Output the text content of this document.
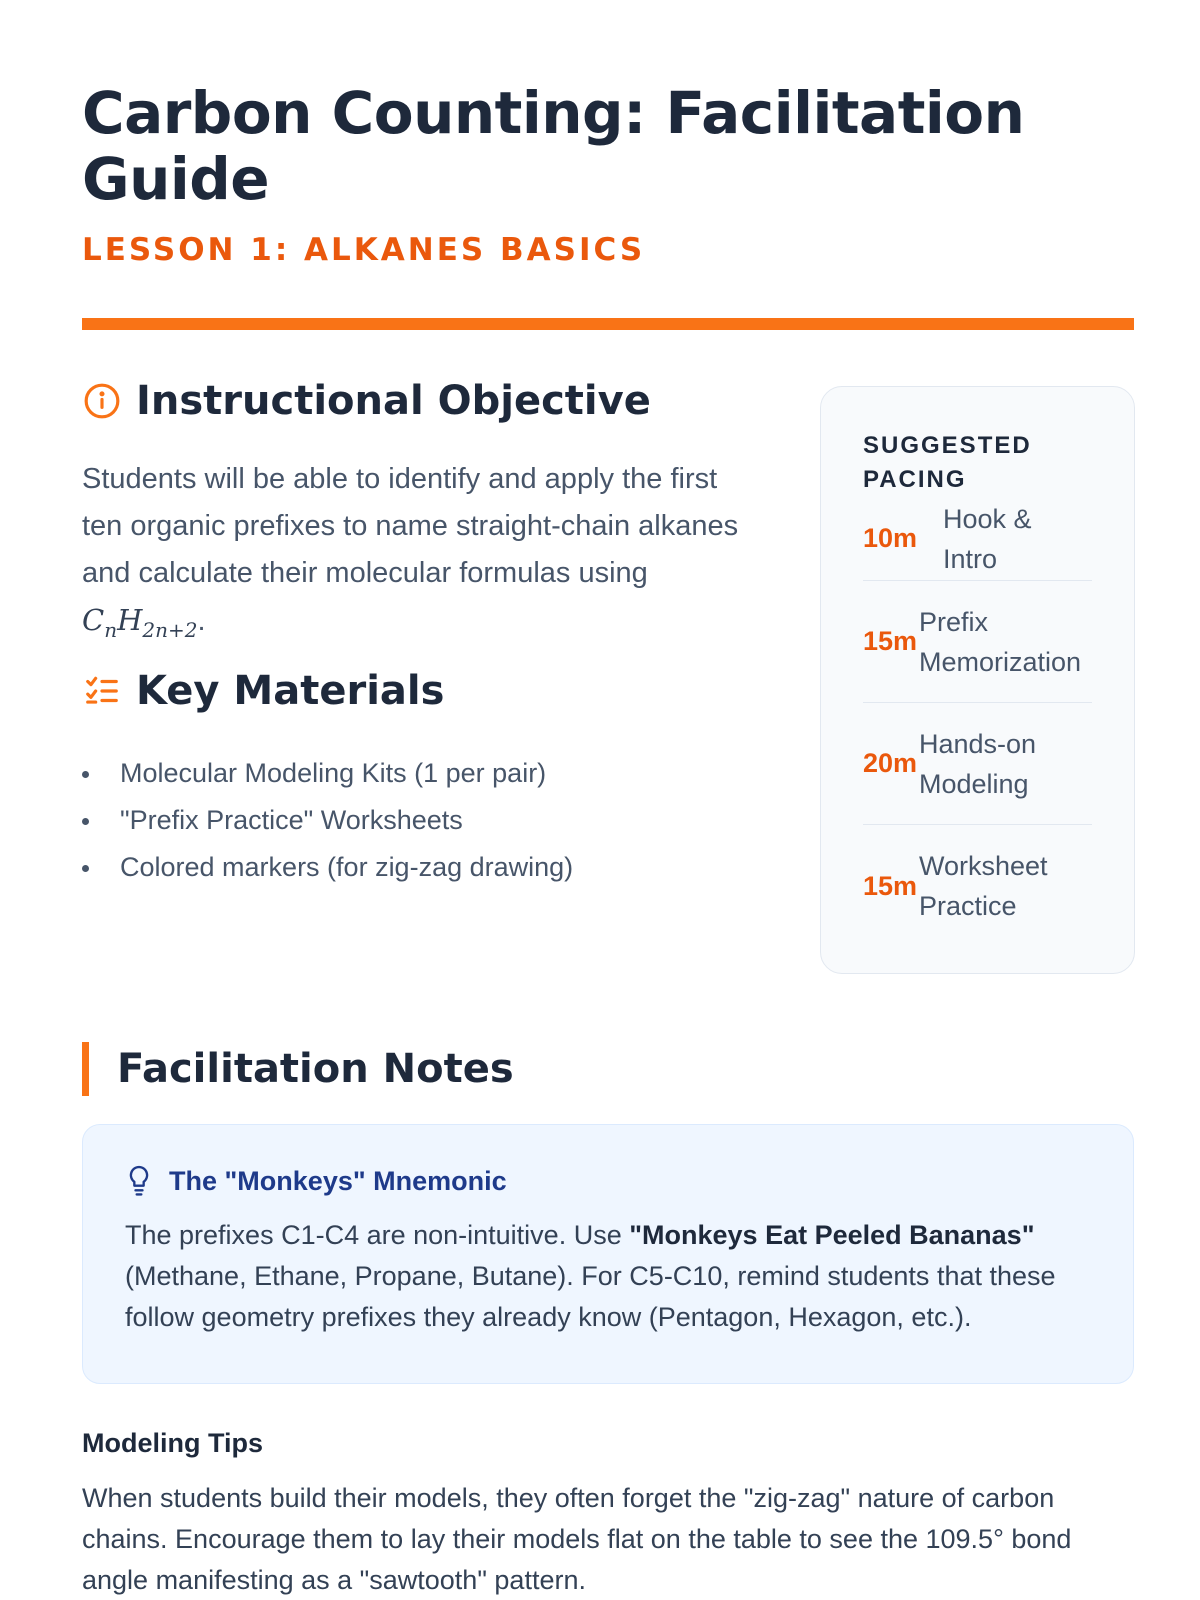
Carbon Counting: Facilitation Guide
LESSON 1: ALKANES BASICS
Instructional Objective

Students will be able to identify and apply the first ten organic prefixes to name straight-chain alkanes and calculate their molecular formulas using $C_nH_{2n+2}$.

Key Materials
Molecular Modeling Kits (1 per pair)
"Prefix Practice" Worksheets
Colored markers (for zig-zag drawing)
SUGGESTED PACING
10m
Hook & Intro
15m
Prefix Memorization
20m
Hands-on Modeling
15m
Worksheet Practice
Facilitation Notes
The "Monkeys" Mnemonic

The prefixes C1-C4 are non-intuitive. Use "Monkeys Eat Peeled Bananas" (Methane, Ethane, Propane, Butane). For C5-C10, remind students that these follow geometry prefixes they already know (Pentagon, Hexagon, etc.).

Modeling Tips

When students build their models, they often forget the "zig-zag" nature of carbon chains. Encourage them to lay their models flat on the table to see the 109.5° bond angle manifesting as a "sawtooth" pattern.
